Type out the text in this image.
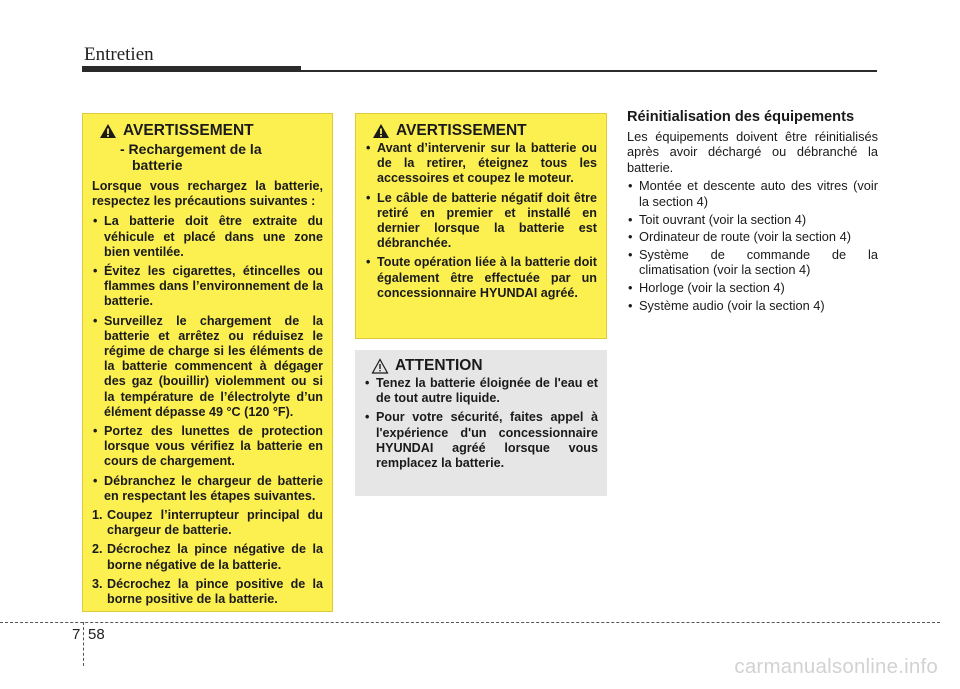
Entretien
AVERTISSEMENT
- Rechargement de la
batterie

Lorsque vous rechargez la batterie, respectez les précautions suivantes :

• La batterie doit être extraite du véhicule et placé dans une zone bien ventilée.
• Évitez les cigarettes, étincelles ou flammes dans l’environnement de la batterie.
• Surveillez le chargement de la batterie et arrêtez ou réduisez le régime de charge si les éléments de la batterie commencent à dégager des gaz (bouillir) violemment ou si la température de l’électrolyte d’un élément dépasse 49 °C (120 °F).
• Portez des lunettes de protection lorsque vous vérifiez la batterie en cours de chargement.
• Débranchez le chargeur de batterie en respectant les étapes suivantes.
1. Coupez l’interrupteur principal du chargeur de batterie.
2. Décrochez la pince négative de la borne négative de la batterie.
3. Décrochez la pince positive de la borne positive de la batterie.
AVERTISSEMENT
• Avant d’intervenir sur la batterie ou de la retirer, éteignez tous les accessoires et coupez le moteur.
• Le câble de batterie négatif doit être retiré en premier et installé en dernier lorsque la batterie est débranchée.
• Toute opération liée à la batterie doit également être effectuée par un concessionnaire HYUNDAI agréé.
ATTENTION
• Tenez la batterie éloignée de l'eau et de tout autre liquide.
• Pour votre sécurité, faites appel à l'expérience d'un concessionnaire HYUNDAI agréé lorsque vous remplacez la batterie.
Réinitialisation des équipements

Les équipements doivent être réinitialisés après avoir déchargé ou débranché la batterie.

• Montée et descente auto des vitres (voir la section 4)
• Toit ouvrant (voir la section 4)
• Ordinateur de route (voir la section 4)
• Système de commande de la climatisation (voir la section 4)
• Horloge (voir la section 4)
• Système audio (voir la section 4)
7 58
carmanualsonline.info
